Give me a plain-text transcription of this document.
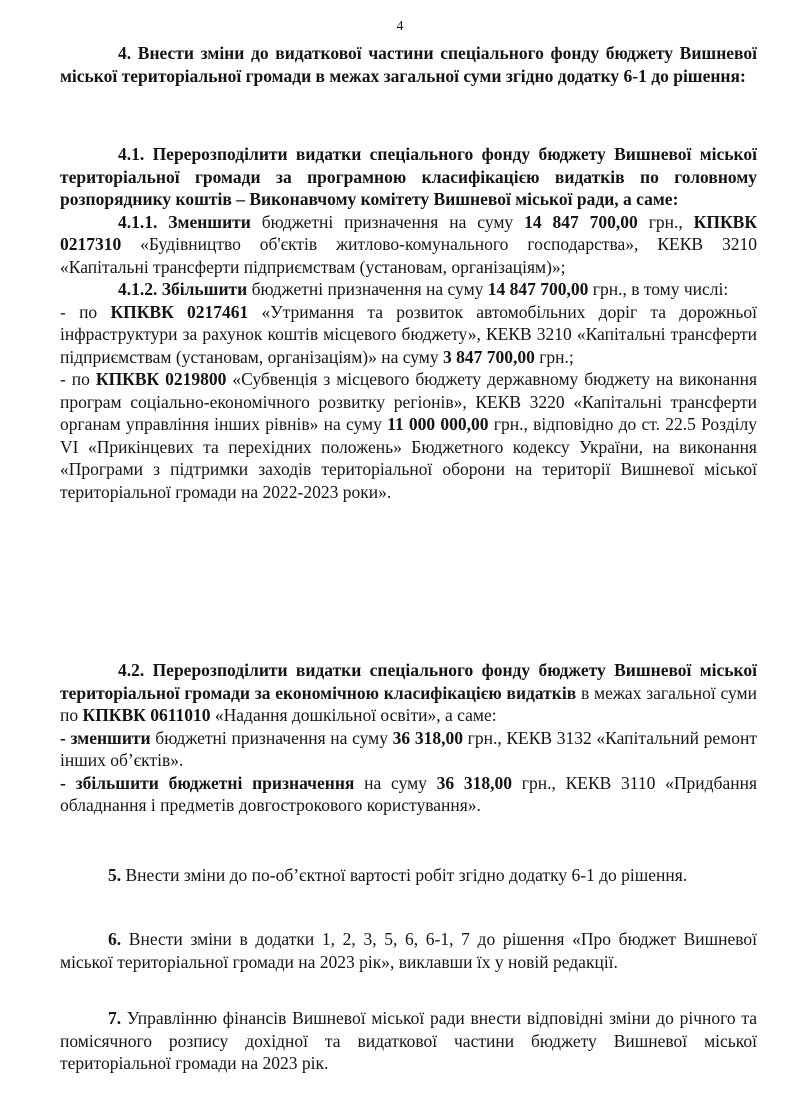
4

4. Внести зміни до видаткової частини спеціального фонду бюджету Вишневої міської територіальної громади в межах загальної суми згідно додатку 6-1 до рішення:

4.1. Перерозподілити видатки спеціального фонду бюджету Вишневої міської територіальної громади за програмною класифікацією видатків по головному розпоряднику коштів – Виконавчому комітету Вишневої міської ради, а саме:

4.1.1. Зменшити бюджетні призначення на суму 14 847 700,00 грн., КПКВК 0217310 «Будівництво об'єктів житлово-комунального господарства», КЕКВ 3210 «Капітальні трансферти підприємствам (установам, організаціям)»;

4.1.2. Збільшити бюджетні призначення на суму 14 847 700,00 грн., в тому числі:

- по КПКВК 0217461 «Утримання та розвиток автомобільних доріг та дорожньої інфраструктури за рахунок коштів місцевого бюджету», КЕКВ 3210 «Капітальні трансферти підприємствам (установам, організаціям)» на суму 3 847 700,00 грн.;

- по КПКВК 0219800 «Субвенція з місцевого бюджету державному бюджету на виконання програм соціально-економічного розвитку регіонів», КЕКВ 3220 «Капітальні трансферти органам управління інших рівнів» на суму 11 000 000,00 грн., відповідно до ст. 22.5 Розділу VI «Прикінцевих та перехідних положень» Бюджетного кодексу України, на виконання «Програми з підтримки заходів територіальної оборони на території Вишневої міської територіальної громади на 2022-2023 роки».

4.2. Перерозподілити видатки спеціального фонду бюджету Вишневої міської територіальної громади за економічною класифікацією видатків в межах загальної суми по КПКВК 0611010 «Надання дошкільної освіти», а саме:

- зменшити бюджетні призначення на суму 36 318,00 грн., КЕКВ 3132 «Капітальний ремонт інших об’єктів».

- збільшити бюджетні призначення на суму 36 318,00 грн., КЕКВ 3110 «Придбання обладнання і предметів довгострокового користування».

5. Внести зміни до по-об’єктної вартості робіт згідно додатку 6-1 до рішення.

6. Внести зміни в додатки 1, 2, 3, 5, 6, 6-1, 7 до рішення «Про бюджет Вишневої міської територіальної громади на 2023 рік», виклавши їх у новій редакції.

7. Управлінню фінансів Вишневої міської ради внести відповідні зміни до річного та помісячного розпису дохідної та видаткової частини бюджету Вишневої міської територіальної громади на 2023 рік.
